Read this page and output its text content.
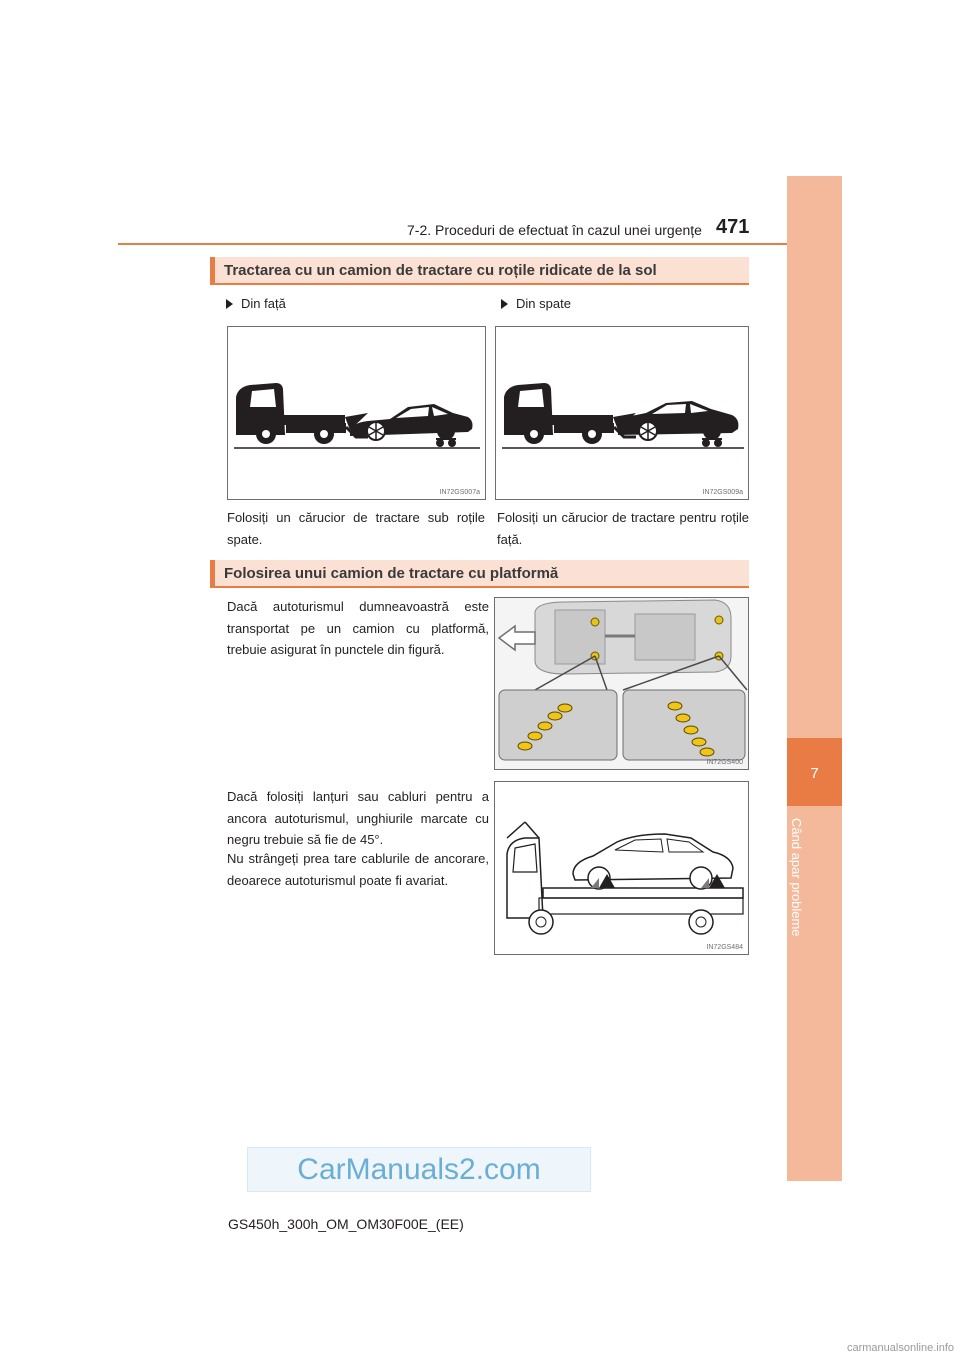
7
Când apar probleme
7-2. Proceduri de efectuat în cazul unei urgențe 471
Tractarea cu un camion de tractare cu roțile ridicate de la sol
Din față	Din spate
IN72GS007a	IN72GS009a
Folosiți un cărucior de tractare sub roțile spate.
Folosiți un cărucior de tractare pentru roțile față.
Folosirea unui camion de tractare cu platformă
Dacă autoturismul dumneavoastră este transportat pe un camion cu platformă, trebuie asigurat în punctele din figură.
IN72GS400
Dacă folosiți lanțuri sau cabluri pentru a ancora autoturismul, unghiurile marcate cu negru trebuie să fie de 45°.
Nu strângeți prea tare cablurile de ancorare, deoarece autoturismul poate fi avariat.
IN72GS484
CarManuals2.com
GS450h_300h_OM_OM30F00E_(EE)
carmanualsonline.info
